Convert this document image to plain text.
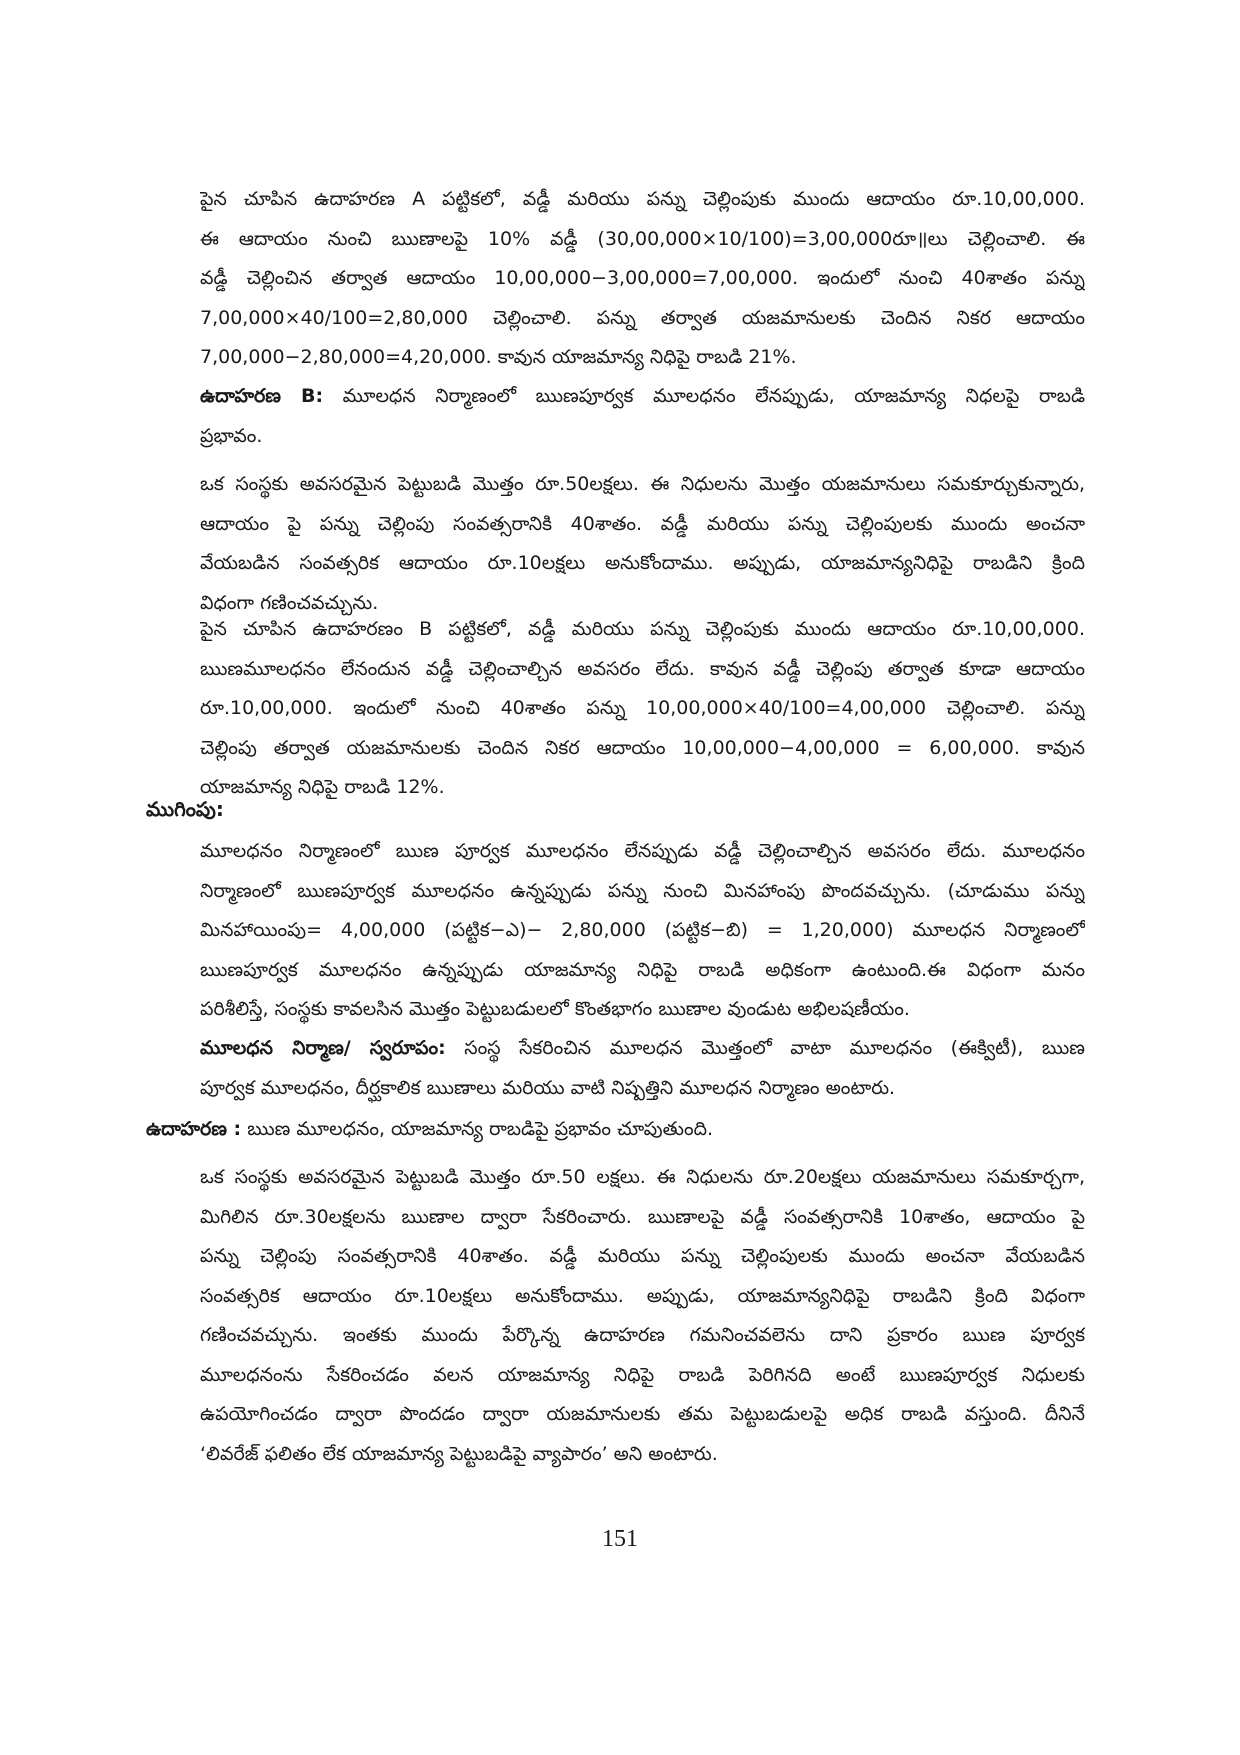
పైన చూపిన ఉదాహరణ A పట్టికలో, వడ్డీ మరియు పన్ను చెల్లింపుకు ముందు ఆదాయం రూ.10,00,000.
ఈ ఆదాయం నుంచి ఋణాలపై 10% వడ్డీ (30,00,000×10/100)=3,00,000రూ॥లు చెల్లించాలి. ఈ
వడ్డీ చెల్లించిన తర్వాత ఆదాయం 10,00,000−3,00,000=7,00,000. ఇందులో నుంచి 40శాతం పన్ను
7,00,000×40/100=2,80,000 చెల్లించాలి. పన్ను తర్వాత యజమానులకు చెందిన నికర ఆదాయం
7,00,000−2,80,000=4,20,000. కావున యాజమాన్య నిధిపై రాబడి 21%.
ఉదాహరణ B: మూలధన నిర్మాణంలో ఋణపూర్వక మూలధనం లేనప్పుడు, యాజమాన్య నిధలపై రాబడి
ప్రభావం.
ఒక సంస్థకు అవసరమైన పెట్టుబడి మొత్తం రూ.50లక్షలు. ఈ నిధులను మొత్తం యజమానులు సమకూర్చుకున్నారు,
ఆదాయం పై పన్ను చెల్లింపు సంవత్సరానికి 40శాతం. వడ్డీ మరియు పన్ను చెల్లింపులకు ముందు అంచనా
వేయబడిన సంవత్సరిక ఆదాయం రూ.10లక్షలు అనుకోందాము. అప్పుడు, యాజమాన్యనిధిపై రాబడిని క్రింది
విధంగా గణించవచ్చును.
పైన చూపిన ఉదాహరణం B పట్టికలో, వడ్డీ మరియు పన్ను చెల్లింపుకు ముందు ఆదాయం రూ.10,00,000.
ఋణమూలధనం లేనందున వడ్డీ చెల్లించాల్చిన అవసరం లేదు. కావున వడ్డీ చెల్లింపు తర్వాత కూడా ఆదాయం
రూ.10,00,000. ఇందులో నుంచి 40శాతం పన్ను 10,00,000×40/100=4,00,000 చెల్లించాలి. పన్ను
చెల్లింపు తర్వాత యజమానులకు చెందిన నికర ఆదాయం 10,00,000−4,00,000 = 6,00,000. కావున
యాజమాన్య నిధిపై రాబడి 12%.
ముగింపు:
మూలధనం నిర్మాణంలో ఋణ పూర్వక మూలధనం లేనప్పుడు వడ్డీ చెల్లించాల్చిన అవసరం లేదు. మూలధనం
నిర్మాణంలో ఋణపూర్వక మూలధనం ఉన్నప్పుడు పన్ను నుంచి మినహాంపు పొందవచ్చును. (చూడుము పన్ను
మినహాయింపు= 4,00,000 (పట్టిక−ఎ)− 2,80,000 (పట్టిక−బి) = 1,20,000) మూలధన నిర్మాణంలో
ఋణపూర్వక మూలధనం ఉన్నప్పుడు యాజమాన్య నిధిపై రాబడి అధికంగా ఉంటుంది.ఈ విధంగా మనం
పరిశీలిస్తే, సంస్థకు కావలసిన మొత్తం పెట్టుబడులలో కొంతభాగం ఋణాల వుండుట అభిలషణీయం.
మూలధన నిర్మాణ/ స్వరూపం: సంస్థ సేకరించిన మూలధన మొత్తంలో వాటా మూలధనం (ఈక్విటీ), ఋణ
పూర్వక మూలధనం, దీర్ఘకాలిక ఋణాలు మరియు వాటి నిష్పత్తిని మూలధన నిర్మాణం అంటారు.
ఉదాహరణ : ఋణ మూలధనం, యాజమాన్య రాబడిపై ప్రభావం చూపుతుంది.
ఒక సంస్థకు అవసరమైన పెట్టుబడి మొత్తం రూ.50 లక్షలు. ఈ నిధులను రూ.20లక్షలు యజమానులు సమకూర్చగా,
మిగిలిన రూ.30లక్షలను ఋణాల ద్వారా సేకరించారు. ఋణాలపై వడ్డీ సంవత్సరానికి 10శాతం, ఆదాయం పై
పన్ను చెల్లింపు సంవత్సరానికి 40శాతం. వడ్డీ మరియు పన్ను చెల్లింపులకు ముందు అంచనా వేయబడిన
సంవత్సరిక ఆదాయం రూ.10లక్షలు అనుకోందాము. అప్పుడు, యాజమాన్యనిధిపై రాబడిని క్రింది విధంగా
గణించవచ్చును. ఇంతకు ముందు పేర్కొన్న ఉదాహరణ గమనించవలెను దాని ప్రకారం ఋణ పూర్వక
మూలధనంను సేకరించడం వలన యాజమాన్య నిధిపై రాబడి పెరిగినది అంటే ఋణపూర్వక నిధులకు
ఉపయోగించడం ద్వారా పొందడం ద్వారా యజమానులకు తమ పెట్టుబడులపై అధిక రాబడి వస్తుంది. దీనినే
‘లివరేజ్ ఫలితం లేక యాజమాన్య పెట్టుబడిపై వ్యాపారం’ అని అంటారు.
151
